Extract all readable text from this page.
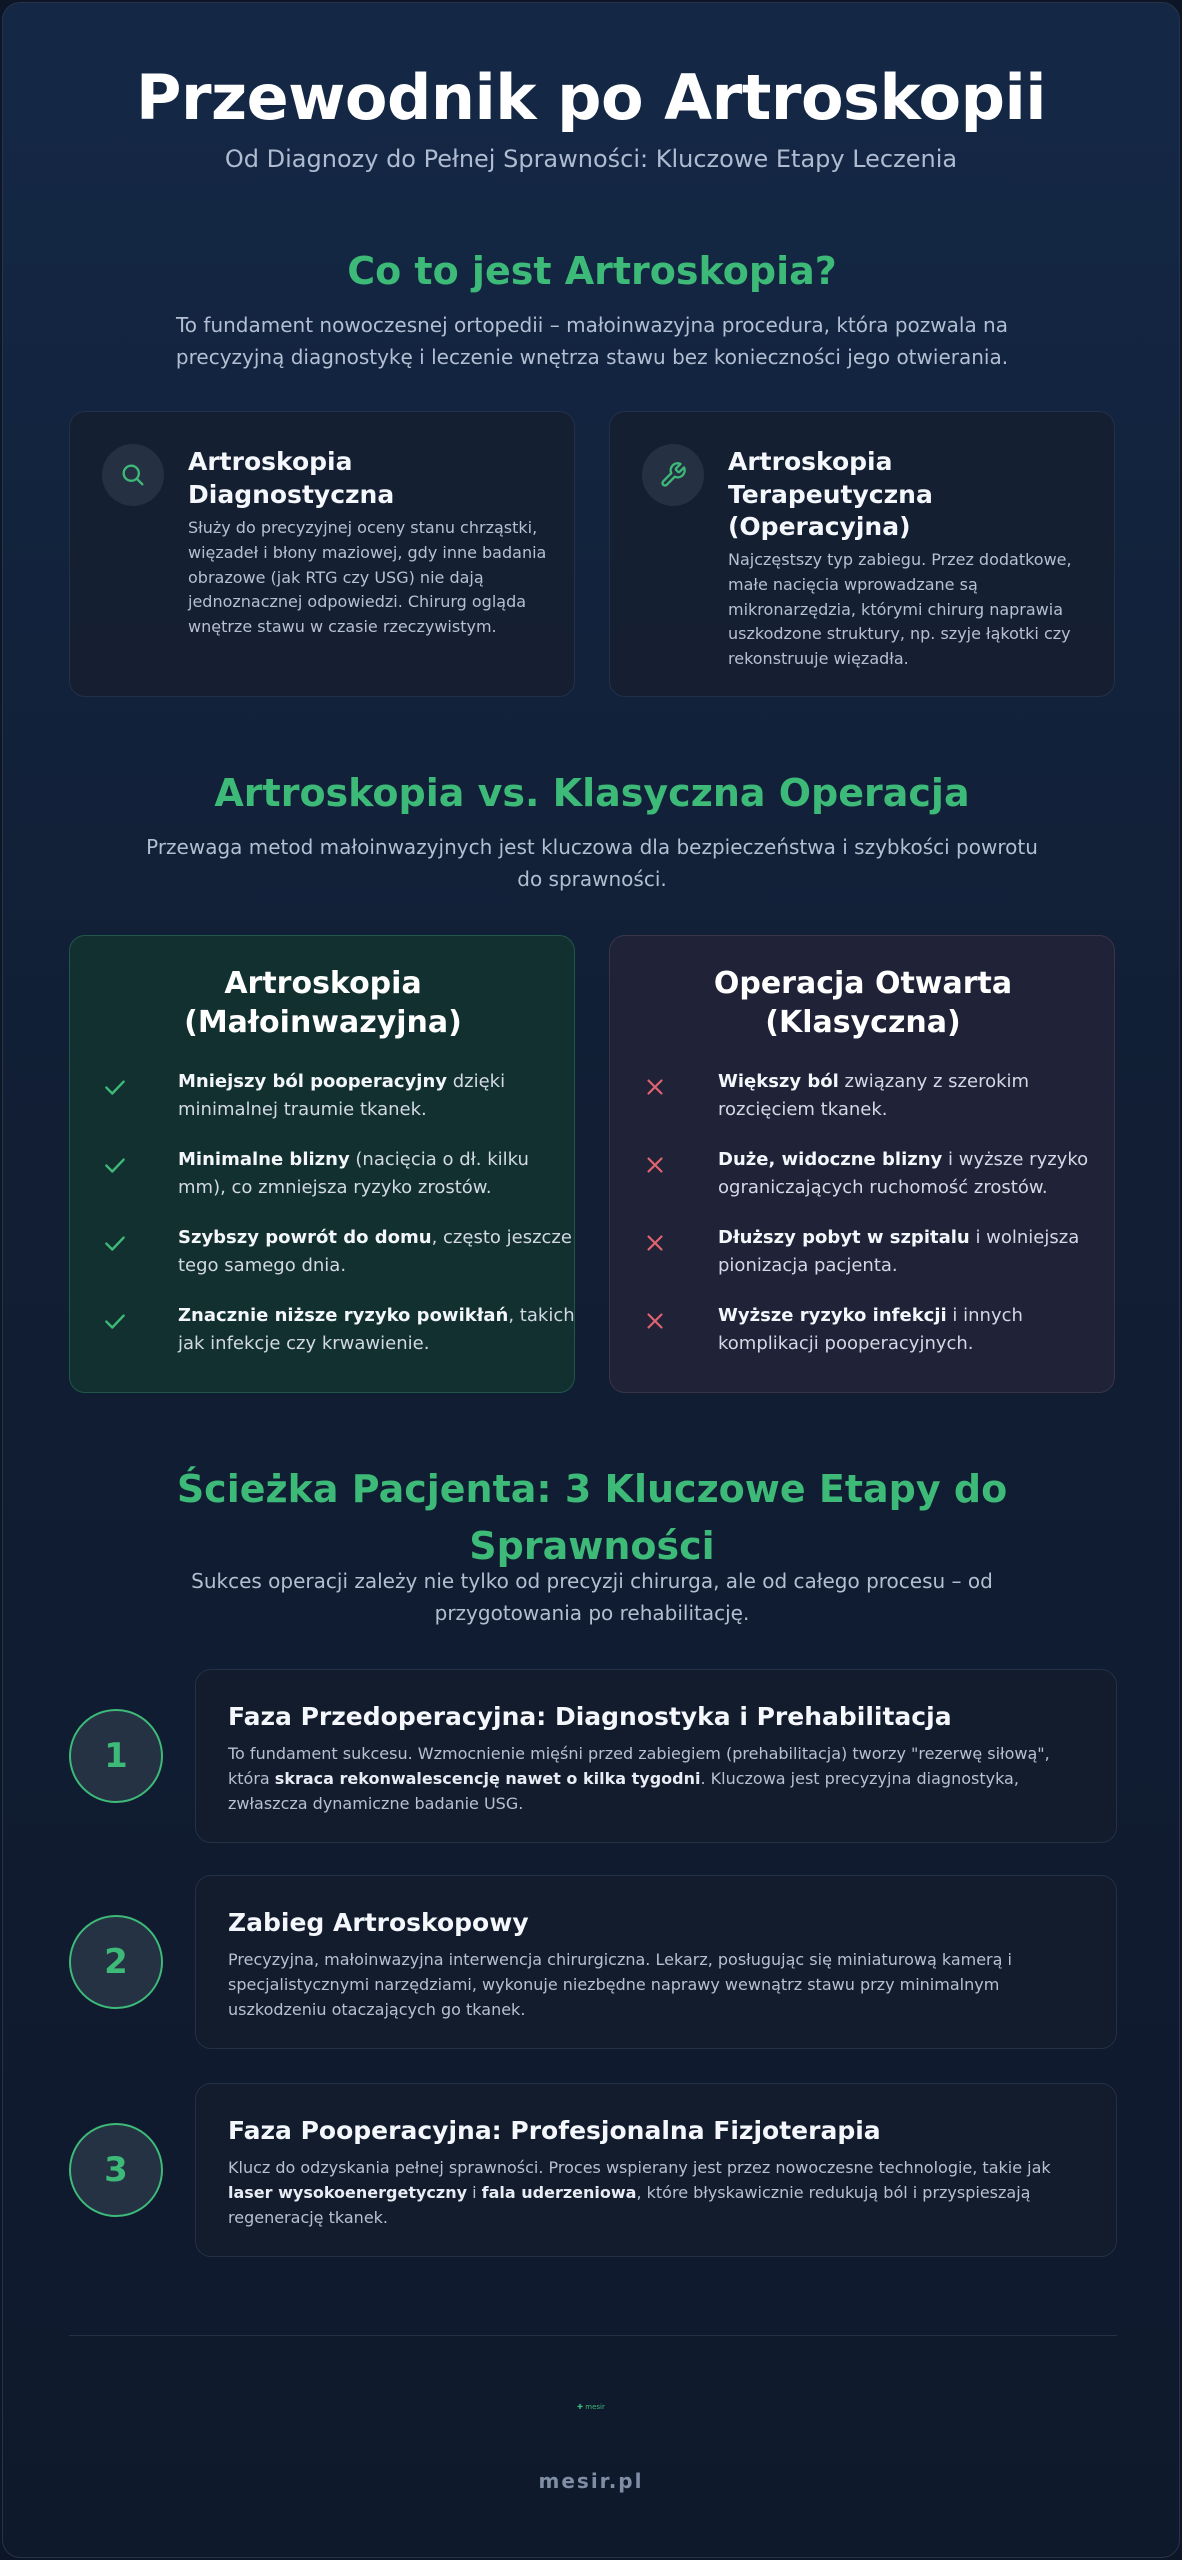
Przewodnik po Artroskopii
Od Diagnozy do Pełnej Sprawności: Kluczowe Etapy Leczenia
Co to jest Artroskopia?

To fundament nowoczesnej ortopedii – małoinwazyjna procedura, która pozwala na precyzyjną diagnostykę i leczenie wnętrza stawu bez konieczności jego otwierania.

Artroskopia Diagnostyczna
Służy do precyzyjnej oceny stanu chrząstki, więzadeł i błony maziowej, gdy inne badania obrazowe (jak RTG czy USG) nie dają jednoznacznej odpowiedzi. Chirurg ogląda wnętrze stawu w czasie rzeczywistym.
Artroskopia Terapeutyczna (Operacyjna)
Najczęstszy typ zabiegu. Przez dodatkowe, małe nacięcia wprowadzane są mikronarzędzia, którymi chirurg naprawia uszkodzone struktury, np. szyje łąkotki czy rekonstruuje więzadła.
Artroskopia vs. Klasyczna Operacja

Przewaga metod małoinwazyjnych jest kluczowa dla bezpieczeństwa i szybkości powrotu do sprawności.

Artroskopia (Małoinwazyjna)
Mniejszy ból pooperacyjny dzięki minimalnej traumie tkanek.
Minimalne blizny (nacięcia o dł. kilku mm), co zmniejsza ryzyko zrostów.
Szybszy powrót do domu, często jeszcze tego samego dnia.
Znacznie niższe ryzyko powikłań, takich jak infekcje czy krwawienie.
Operacja Otwarta (Klasyczna)
Większy ból związany z szerokim rozcięciem tkanek.
Duże, widoczne blizny i wyższe ryzyko ograniczających ruchomość zrostów.
Dłuższy pobyt w szpitalu i wolniejsza pionizacja pacjenta.
Wyższe ryzyko infekcji i innych komplikacji pooperacyjnych.
Ścieżka Pacjenta: 3 Kluczowe Etapy do Sprawności

Sukces operacji zależy nie tylko od precyzji chirurga, ale od całego procesu – od przygotowania po rehabilitację.

1
Faza Przedoperacyjna: Diagnostyka i Prehabilitacja
To fundament sukcesu. Wzmocnienie mięśni przed zabiegiem (prehabilitacja) tworzy "rezerwę siłową", która skraca rekonwalescencję nawet o kilka tygodni. Kluczowa jest precyzyjna diagnostyka, zwłaszcza dynamiczne badanie USG.
2
Zabieg Artroskopowy
Precyzyjna, małoinwazyjna interwencja chirurgiczna. Lekarz, posługując się miniaturową kamerą i specjalistycznymi narzędziami, wykonuje niezbędne naprawy wewnątrz stawu przy minimalnym uszkodzeniu otaczających go tkanek.
3
Faza Pooperacyjna: Profesjonalna Fizjoterapia
Klucz do odzyskania pełnej sprawności. Proces wspierany jest przez nowoczesne technologie, takie jak laser wysokoenergetyczny i fala uderzeniowa, które błyskawicznie redukują ból i przyspieszają regenerację tkanek.
✚ mesir
mesir.pl
